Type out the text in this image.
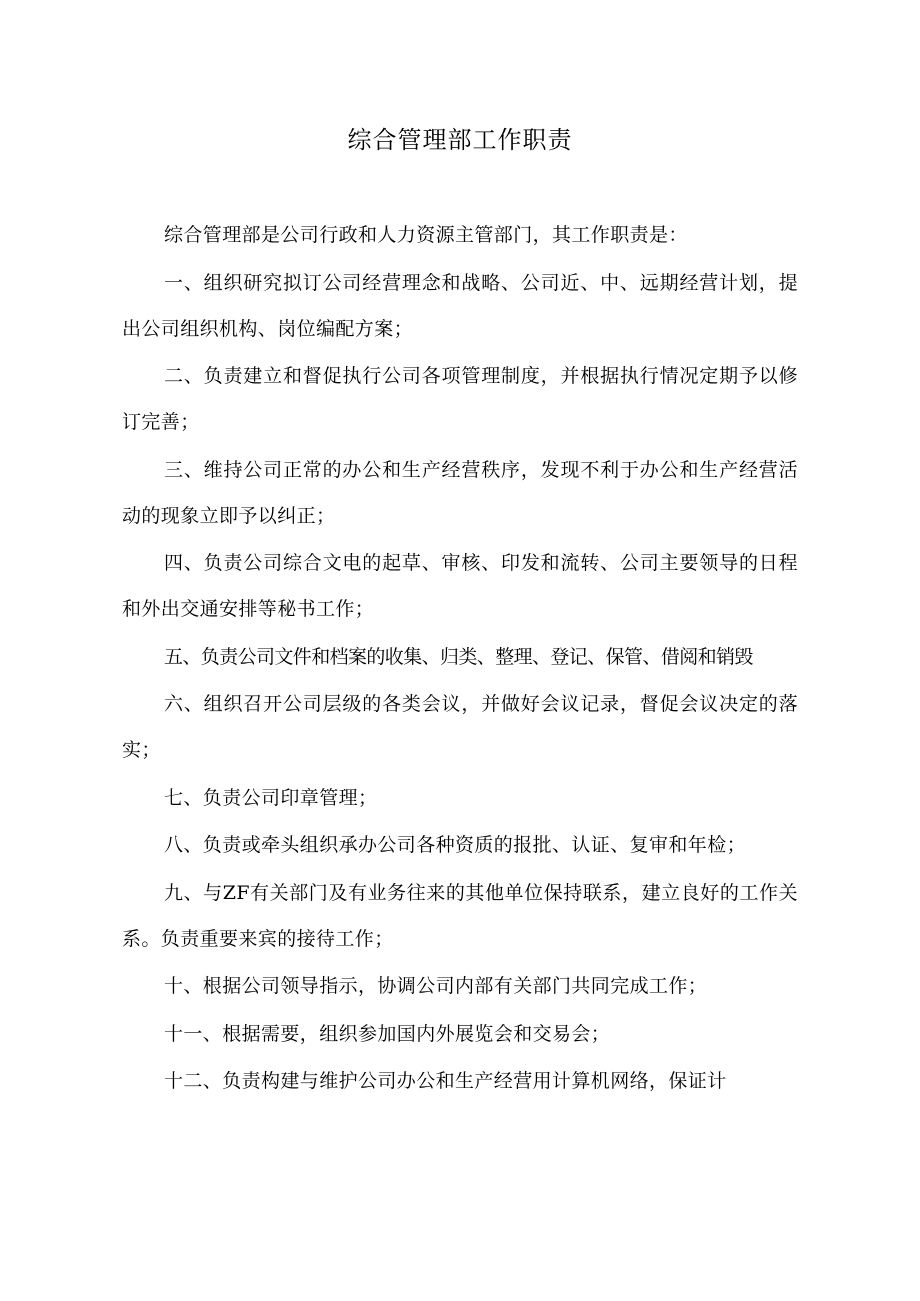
综合管理部工作职责

综合管理部是公司行政和人力资源主管部门，其工作职责是：

一、组织研究拟订公司经营理念和战略、公司近、中、远期经营计划，提出公司组织机构、岗位编配方案；

二、负责建立和督促执行公司各项管理制度，并根据执行情况定期予以修订完善；

三、维持公司正常的办公和生产经营秩序，发现不利于办公和生产经营活动的现象立即予以纠正；

四、负责公司综合文电的起草、审核、印发和流转、公司主要领导的日程和外出交通安排等秘书工作；

五、负责公司文件和档案的收集、归类、整理、登记、保管、借阅和销毁

六、组织召开公司层级的各类会议，并做好会议记录，督促会议决定的落实；

七、负责公司印章管理；

八、负责或牵头组织承办公司各种资质的报批、认证、复审和年检；

九、与ZF有关部门及有业务往来的其他单位保持联系，建立良好的工作关系。负责重要来宾的接待工作；

十、根据公司领导指示，协调公司内部有关部门共同完成工作；

十一、根据需要，组织参加国内外展览会和交易会；

十二、负责构建与维护公司办公和生产经营用计算机网络，保证计
